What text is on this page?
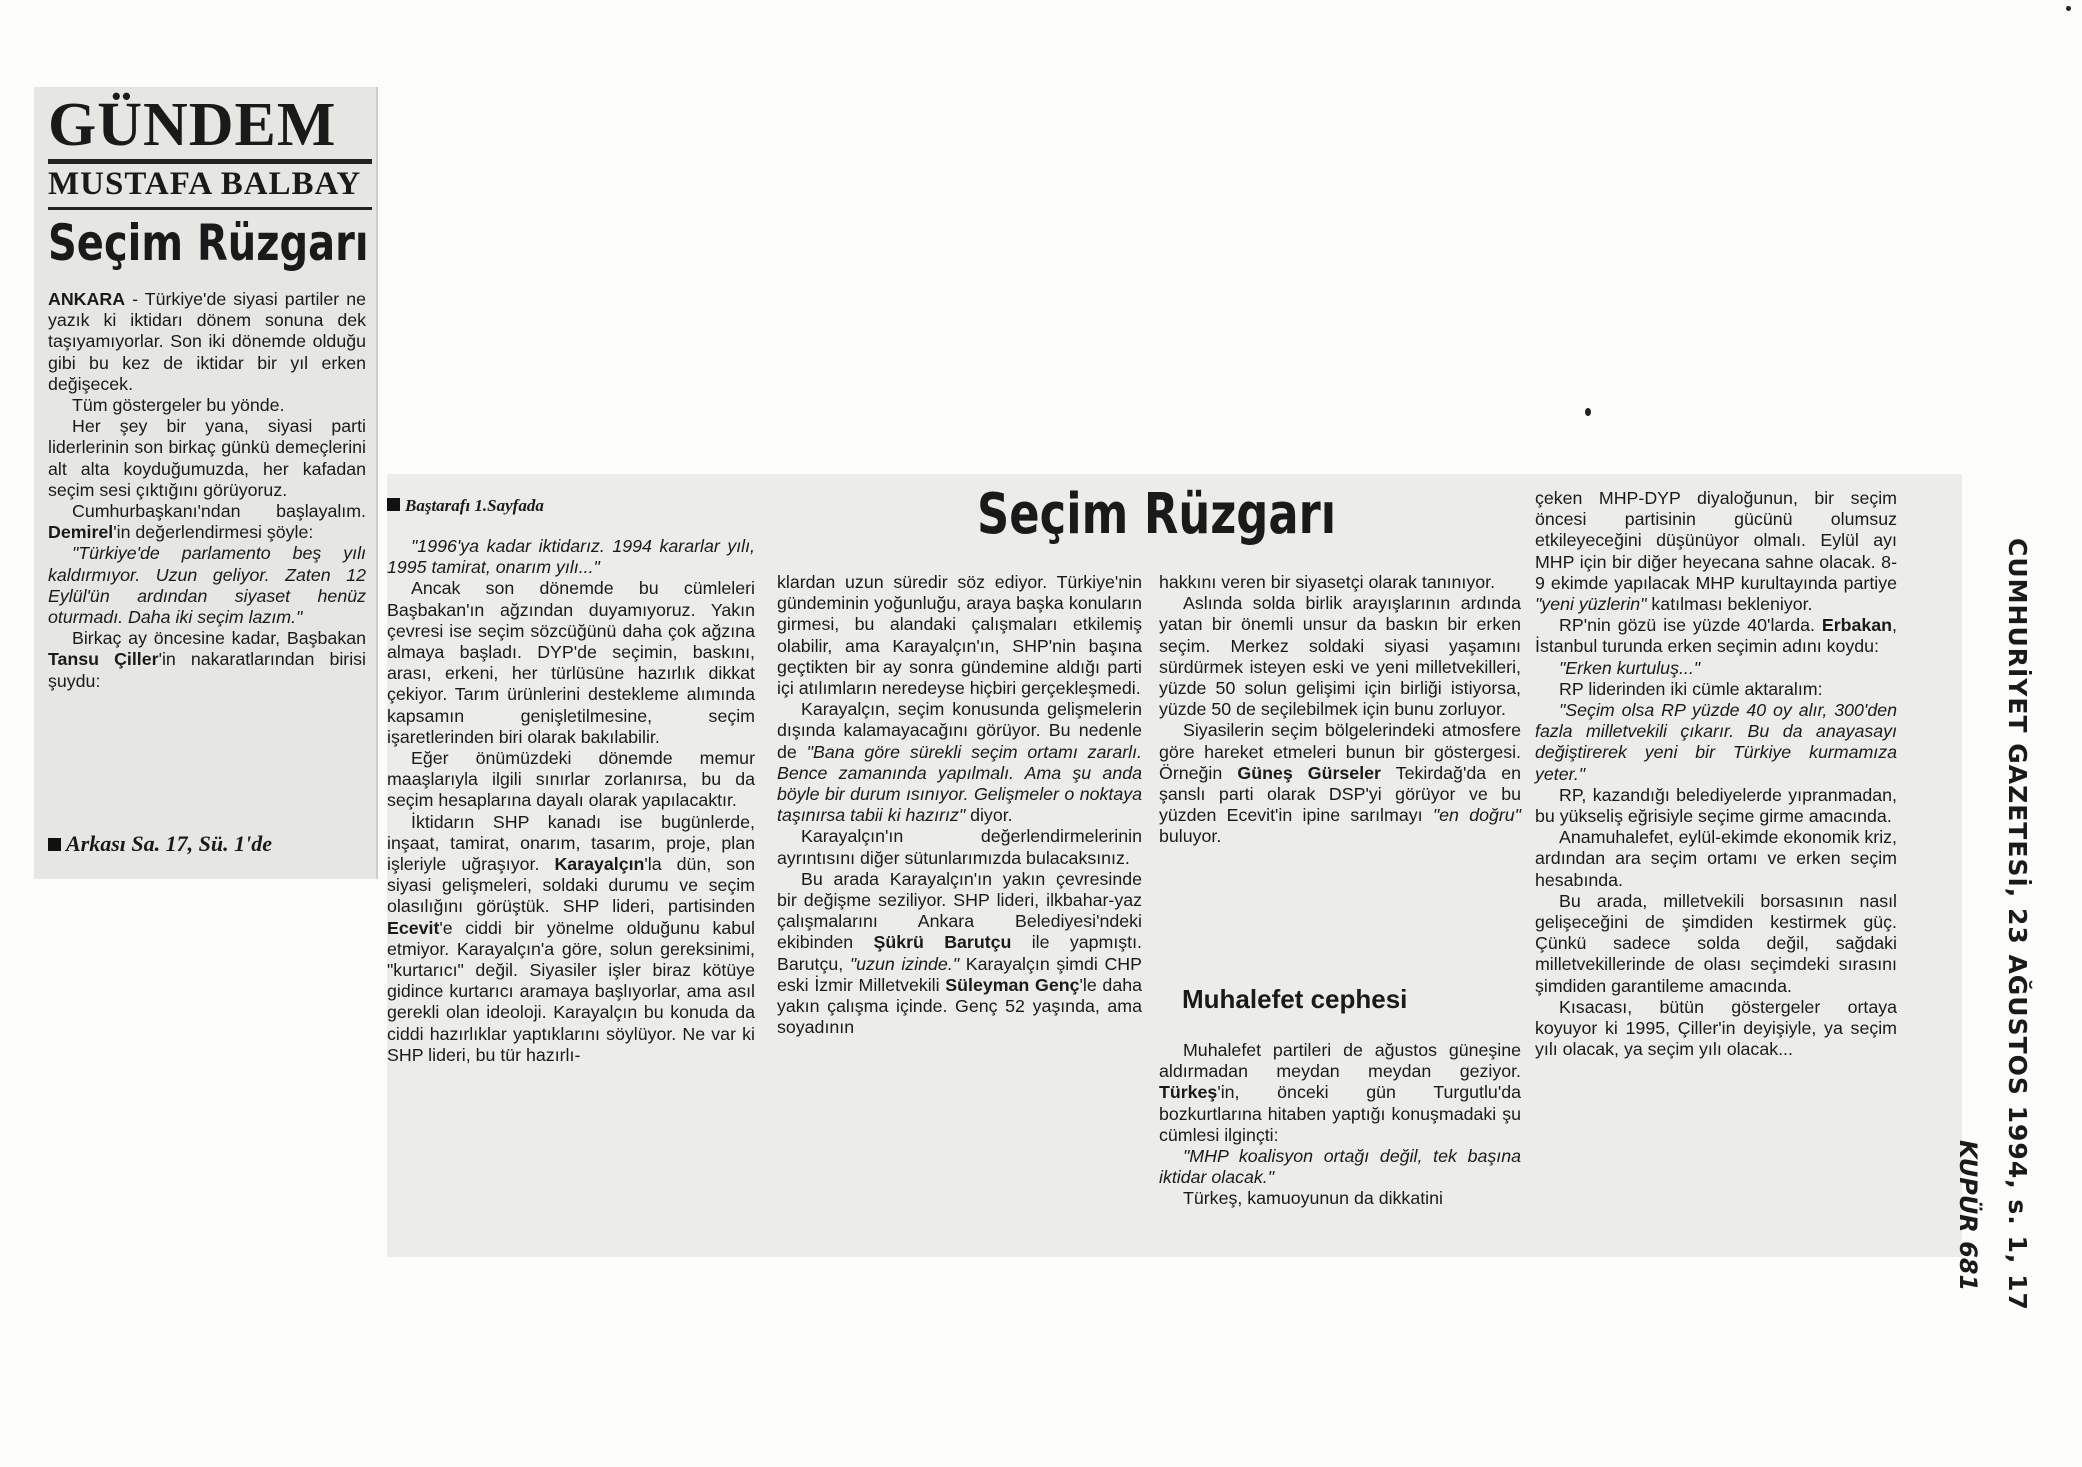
GÜNDEM
MUSTAFA BALBAY
Seçim Rüzgarı

ANKARA - Türkiye'de siyasi partiler ne yazık ki iktidarı dönem sonuna dek taşıyamıyorlar. Son iki dönemde olduğu gibi bu kez de iktidar bir yıl erken değişecek.

Tüm göstergeler bu yönde.

Her şey bir yana, siyasi parti liderlerinin son birkaç günkü demeçlerini alt alta koyduğumuzda, her kafadan seçim sesi çıktığını görüyoruz.

Cumhurbaşkanı'ndan başlayalım. Demirel'in değerlendirmesi şöyle:

"Türkiye'de parlamento beş yılı kaldırmıyor. Uzun geliyor. Zaten 12 Eylül'ün ardından siyaset henüz oturmadı. Daha iki seçim lazım."

Birkaç ay öncesine kadar, Başbakan Tansu Çiller'in nakaratlarından birisi şuydu:

Arkası Sa. 17, Sü. 1'de
Baştarafı 1.Sayfada	Seçim Rüzgarı

"1996'ya kadar iktidarız. 1994 kararlar yılı, 1995 tamirat, onarım yılı..."

Ancak son dönemde bu cümleleri Başbakan'ın ağzından duyamıyoruz. Yakın çevresi ise seçim sözcüğünü daha çok ağzına almaya başladı. DYP'de seçimin, baskını, arası, erkeni, her türlüsüne hazırlık dikkat çekiyor. Tarım ürünlerini destekleme alımında kapsamın genişletilmesine, seçim işaretlerinden biri olarak bakılabilir.

Eğer önümüzdeki dönemde memur maaşlarıyla ilgili sınırlar zorlanırsa, bu da seçim hesaplarına dayalı olarak yapılacaktır.

İktidarın SHP kanadı ise bugünlerde, inşaat, tamirat, onarım, tasarım, proje, plan işleriyle uğraşıyor. Karayalçın'la dün, son siyasi gelişmeleri, soldaki durumu ve seçim olasılığını görüştük. SHP lideri, partisinden Ecevit'e ciddi bir yönelme olduğunu kabul etmiyor. Karayalçın'a göre, solun gereksinimi, "kurtarıcı" değil. Siyasiler işler biraz kötüye gidince kurtarıcı aramaya başlıyorlar, ama asıl gerekli olan ideoloji. Karayalçın bu konuda da ciddi hazırlıklar yaptıklarını söylüyor. Ne var ki SHP lideri, bu tür hazırlı-

klardan uzun süredir söz ediyor. Türkiye'nin gündeminin yoğunluğu, araya başka konuların girmesi, bu alandaki çalışmaları etkilemiş olabilir, ama Karayalçın'ın, SHP'nin başına geçtikten bir ay sonra gündemine aldığı parti içi atılımların neredeyse hiçbiri gerçekleşmedi.

Karayalçın, seçim konusunda gelişmelerin dışında kalamayacağını görüyor. Bu nedenle de "Bana göre sürekli seçim ortamı zararlı. Bence zamanında yapılmalı. Ama şu anda böyle bir durum ısınıyor. Gelişmeler o noktaya taşınırsa tabii ki hazırız" diyor.

Karayalçın'ın değerlendirmelerinin ayrıntısını diğer sütunlarımızda bulacaksınız.

Bu arada Karayalçın'ın yakın çevresinde bir değişme seziliyor. SHP lideri, ilkbahar-yaz çalışmalarını Ankara Belediyesi'ndeki ekibinden Şükrü Barutçu ile yapmıştı. Barutçu, "uzun izinde." Karayalçın şimdi CHP eski İzmir Milletvekili Süleyman Genç'le daha yakın çalışma içinde. Genç 52 yaşında, ama soyadının

hakkını veren bir siyasetçi olarak tanınıyor.

Aslında solda birlik arayışlarının ardında yatan bir önemli unsur da baskın bir erken seçim. Merkez soldaki siyasi yaşamını sürdürmek isteyen eski ve yeni milletvekilleri, yüzde 50 solun gelişimi için birliği istiyorsa, yüzde 50 de seçilebilmek için bunu zorluyor.

Siyasilerin seçim bölgelerindeki atmosfere göre hareket etmeleri bunun bir göstergesi. Örneğin Güneş Gürseler Tekirdağ'da en şanslı parti olarak DSP'yi görüyor ve bu yüzden Ecevit'in ipine sarılmayı "en doğru" buluyor.

Muhalefet cephesi

Muhalefet partileri de ağustos güneşine aldırmadan meydan meydan geziyor. Türkeş'in, önceki gün Turgutlu'da bozkurtlarına hitaben yaptığı konuşmadaki şu cümlesi ilginçti:

"MHP koalisyon ortağı değil, tek başına iktidar olacak."

Türkeş, kamuoyunun da dikkatini

çeken MHP-DYP diyaloğunun, bir seçim öncesi partisinin gücünü olumsuz etkileyeceğini düşünüyor olmalı. Eylül ayı MHP için bir diğer heyecana sahne olacak. 8-9 ekimde yapılacak MHP kurultayında partiye "yeni yüzlerin" katılması bekleniyor.

RP'nin gözü ise yüzde 40'larda. Erbakan, İstanbul turunda erken seçimin adını koydu:

"Erken kurtuluş..."

RP liderinden iki cümle aktaralım:

"Seçim olsa RP yüzde 40 oy alır, 300'den fazla milletvekili çıkarır. Bu da anayasayı değiştirerek yeni bir Türkiye kurmamıza yeter."

RP, kazandığı belediyelerde yıpranmadan, bu yükseliş eğrisiyle seçime girme amacında.

Anamuhalefet, eylül-ekimde ekonomik kriz, ardından ara seçim ortamı ve erken seçim hesabında.

Bu arada, milletvekili borsasının nasıl gelişeceğini de şimdiden kestirmek güç. Çünkü sadece solda değil, sağdaki milletvekillerinde de olası seçimdeki sırasını şimdiden garantileme amacında.

Kısacası, bütün göstergeler ortaya koyuyor ki 1995, Çiller'in deyişiyle, ya seçim yılı olacak, ya seçim yılı olacak...	CUMHURİYET GAZETESİ, 23 AĞUSTOS 1994, s. 1, 17
KUPÜR 681
